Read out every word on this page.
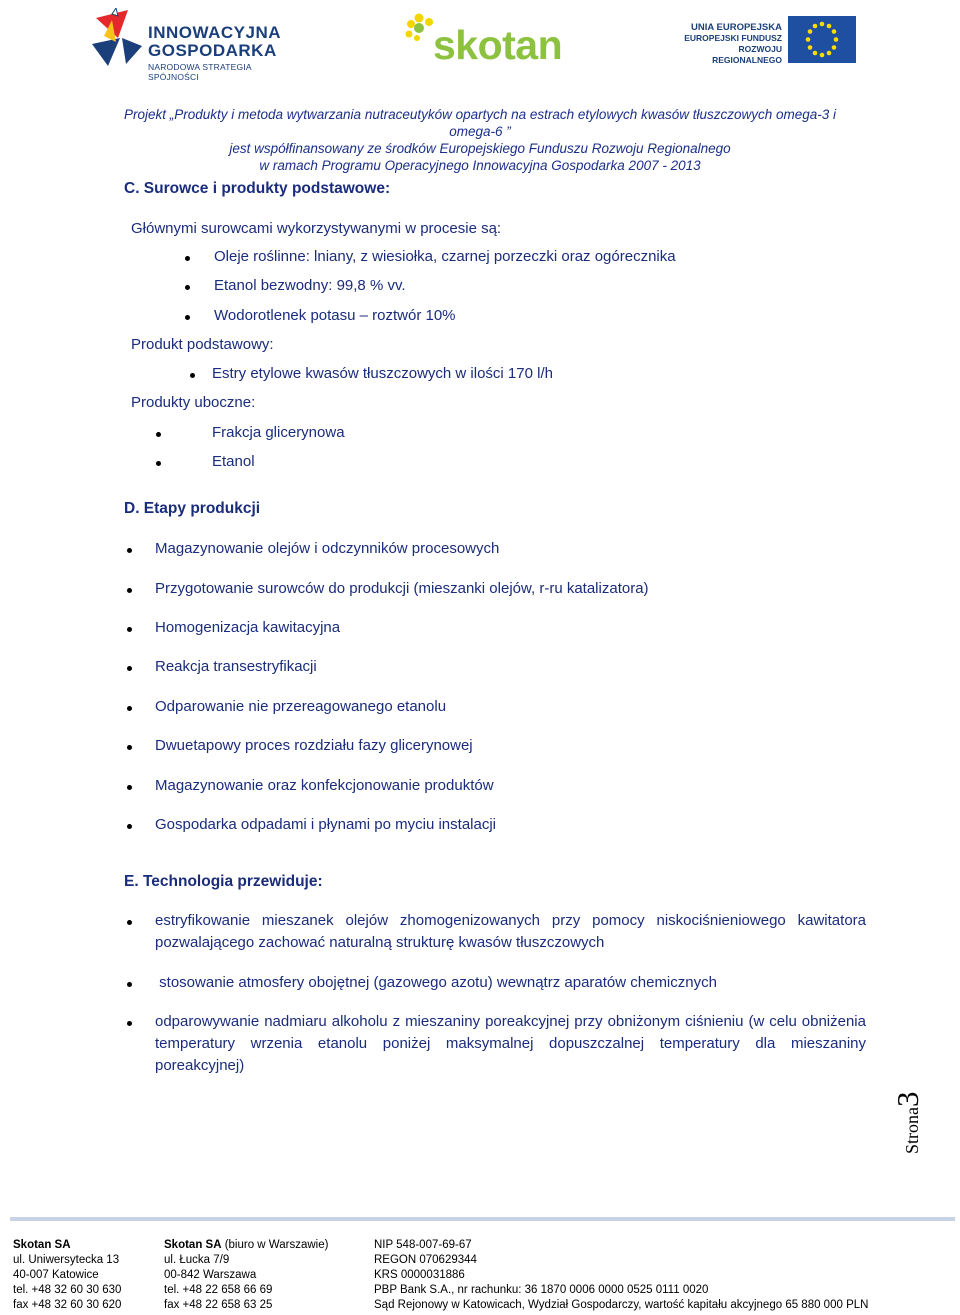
INNOWACYJNA
GOSPODARKA
NARODOWA STRATEGIA SPÓJNOŚCI
skotan	UNIA EUROPEJSKA
EUROPEJSKI FUNDUSZ
ROZWOJU REGIONALNEGO
Projekt „Produkty i metoda wytwarzania nutraceutyków opartych na estrach etylowych kwasów tłuszczowych omega-3 i omega-6 ”
jest współfinansowany ze środków Europejskiego Funduszu Rozwoju Regionalnego
w ramach Programu Operacyjnego Innowacyjna Gospodarka 2007 - 2013
C. Surowce i produkty podstawowe:
Głównymi surowcami wykorzystywanymi w procesie są:
Oleje roślinne: lniany, z wiesiołka, czarnej porzeczki oraz ogórecznika
Etanol bezwodny: 99,8 % vv.
Wodorotlenek potasu – roztwór 10%
Produkt podstawowy:
Estry etylowe kwasów tłuszczowych w ilości 170 l/h
Produkty uboczne:
Frakcja glicerynowa
Etanol
D. Etapy produkcji
Magazynowanie olejów i odczynników procesowych
Przygotowanie surowców do produkcji (mieszanki olejów, r-ru katalizatora)
Homogenizacja kawitacyjna
Reakcja transestryfikacji
Odparowanie nie przereagowanego etanolu
Dwuetapowy proces rozdziału fazy glicerynowej
Magazynowanie oraz konfekcjonowanie produktów
Gospodarka odpadami i płynami po myciu instalacji
E. Technologia przewiduje:
estryfikowanie mieszanek olejów zhomogenizowanych przy pomocy niskociśnieniowego kawitatora pozwalającego zachować naturalną strukturę kwasów tłuszczowych
stosowanie atmosfery obojętnej (gazowego azotu) wewnątrz aparatów chemicznych
odparowywanie nadmiaru alkoholu z mieszaniny poreakcyjnej przy obniżonym ciśnieniu (w celu obniżenia temperatury wrzenia etanolu poniżej maksymalnej dopuszczalnej temperatury dla mieszaniny poreakcyjnej)
Strona3
Skotan SA
ul. Uniwersytecka 13
40-007 Katowice
tel. +48 32 60 30 630
fax +48 32 60 30 620
Skotan SA (biuro w Warszawie)
ul. Łucka 7/9
00-842 Warszawa
tel. +48 22 658 66 69
fax +48 22 658 63 25
NIP 548-007-69-67
REGON 070629344
KRS 0000031886
PBP Bank S.A., nr rachunku: 36 1870 0006 0000 0525 0111 0020
Sąd Rejonowy w Katowicach, Wydział Gospodarczy, wartość kapitału akcyjnego 65 880 000 PLN
